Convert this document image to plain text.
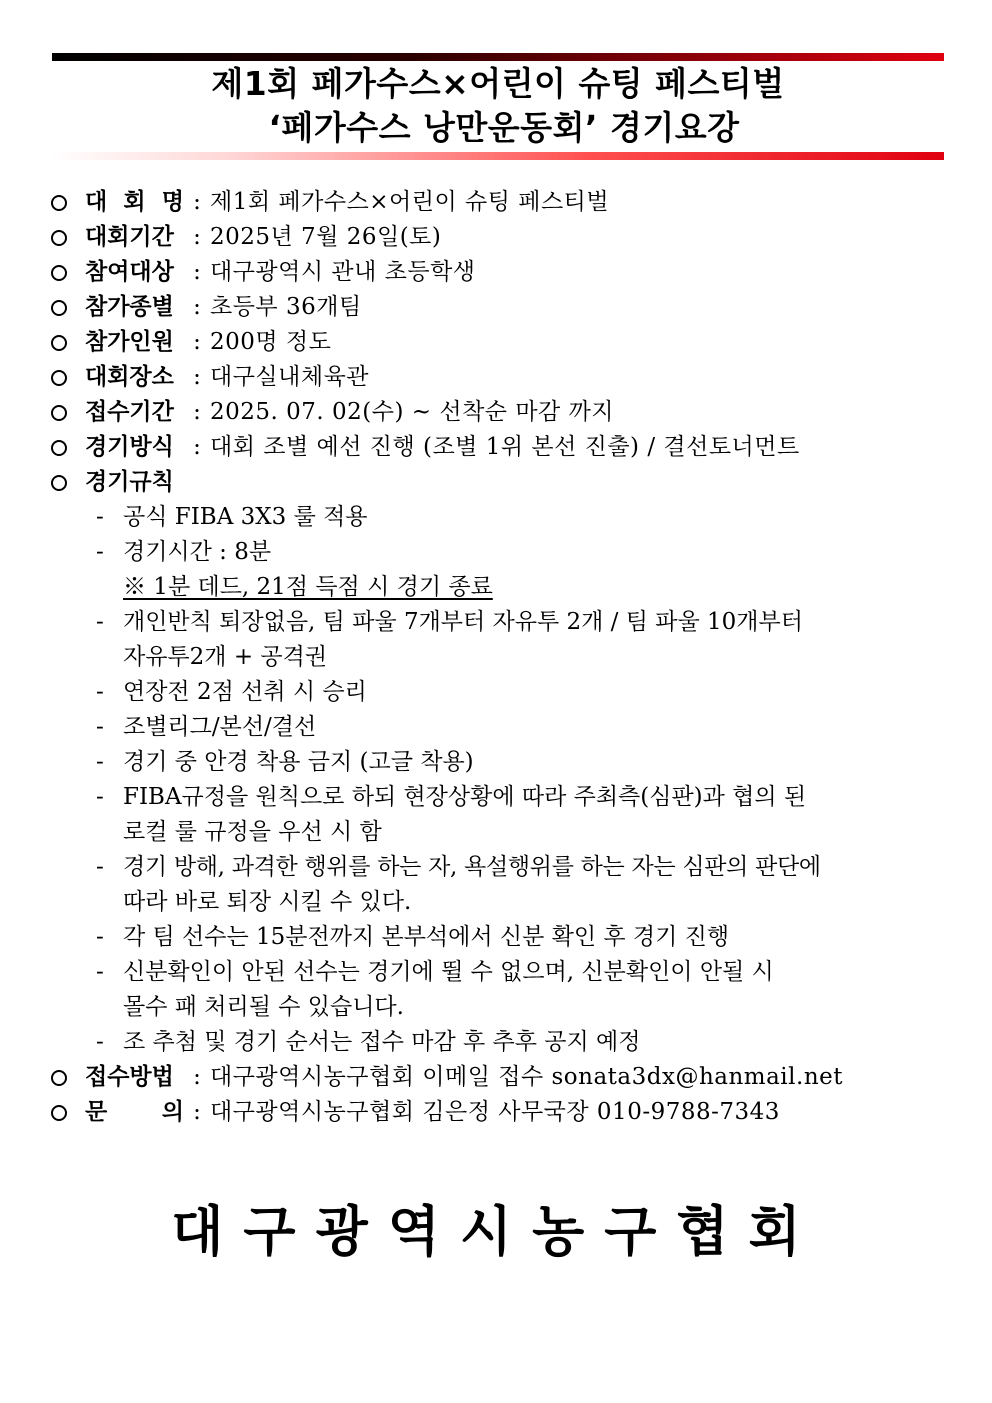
제1회 페가수스×어린이 슈팅 페스티벌
‘페가수스 낭만운동회’ 경기요강
대 회 명 : 제1회 페가수스×어린이 슈팅 페스티벌
대회기간 : 2025년 7월 26일(토)
참여대상 : 대구광역시 관내 초등학생
참가종별 : 초등부 36개팀
참가인원 : 200명 정도
대회장소 : 대구실내체육관
접수기간 : 2025. 07. 02(수) ~ 선착순 마감 까지
경기방식 : 대회 조별 예선 진행 (조별 1위 본선 진출) / 결선토너먼트
경기규칙
- 공식 FIBA 3X3 룰 적용
- 경기시간 : 8분
※ 1분 데드, 21점 득점 시 경기 종료
- 개인반칙 퇴장없음, 팀 파울 7개부터 자유투 2개 / 팀 파울 10개부터
자유투2개 + 공격권
- 연장전 2점 선취 시 승리
- 조별리그/본선/결선
- 경기 중 안경 착용 금지 (고글 착용)
- FIBA규정을 원칙으로 하되 현장상황에 따라 주최측(심판)과 협의 된
로컬 룰 규정을 우선 시 함
- 경기 방해, 과격한 행위를 하는 자, 욕설행위를 하는 자는 심판의 판단에
따라 바로 퇴장 시킬 수 있다.
- 각 팀 선수는 15분전까지 본부석에서 신분 확인 후 경기 진행
- 신분확인이 안된 선수는 경기에 뛸 수 없으며, 신분확인이 안될 시
몰수 패 처리될 수 있습니다.
- 조 추첨 및 경기 순서는 접수 마감 후 추후 공지 예정
접수방법 : 대구광역시농구협회 이메일 접수 sonata3dx@hanmail.net
문 의 : 대구광역시농구협회 김은정 사무국장 010-9788-7343
대구광역시농구협회
